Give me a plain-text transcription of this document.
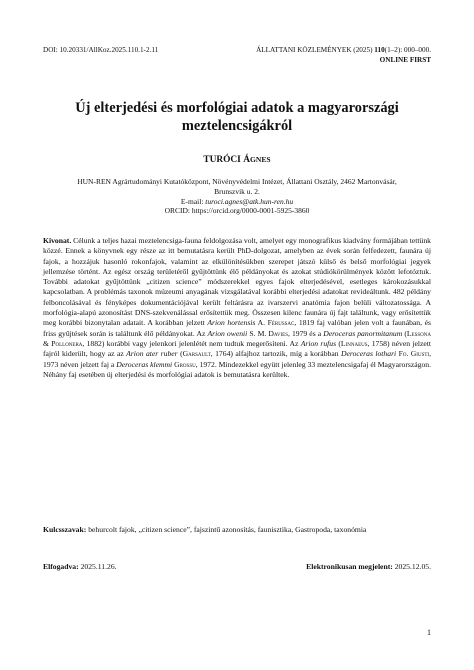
DOI: 10.20331/AllKoz.2025.110.1-2.11	ÁLLATTANI KÖZLEMÉNYEK (2025) 110(1–2): 000–000.
ONLINE FIRST
Új elterjedési és morfológiai adatok a magyarországi
meztelencsigákról
TURÓCI ÁGNES
HUN-REN Agrártudományi Kutatóközpont, Növényvédelmi Intézet, Állattani Osztály, 2462 Martonvásár,
Brunszvik u. 2.
E-mail: turoci.agnes@atk.hun-ren.hu
ORCID: https://orcid.org/0000-0001-5925-3860

Kivonat. Célunk a teljes hazai meztelencsiga-fauna feldolgozása volt, amelyet egy monografikus kiadvány formájában tettünk közzé. Ennek a könyvnek egy része az itt bemutatásra került PhD-dolgozat, amelyben az évek során felfedezett, faunára új fajok, a hozzájuk hasonló rokonfajok, valamint az elkülönítésükben szerepet játszó külső és belső morfológiai jegyek jellemzése történt. Az egész ország területéről gyűjtöttünk élő példányokat és azokat stúdiókörülmények között lefotóztuk. További adatokat gyűjtöttünk „citizen science” módszerekkel egyes fajok elterjedésével, esetleges károkozásukkal kapcsolatban. A problémás taxonok múzeumi anyagának vizsgálatával korábbi elterjedési adatokat revideáltunk. 482 példány felboncolásával és fényképes dokumentációjával került feltárásra az ivarszervi anatómia fajon belüli változatossága. A morfológia-alapú azonosítást DNS-szekvenálással erősítettük meg. Összesen kilenc faunára új fajt találtunk, vagy erősítettük meg korábbi bizonytalan adatait. A korábban jelzett Arion hortensis A. Férussac, 1819 faj valóban jelen volt a faunában, és friss gyűjtések során is találtunk élő példányokat. Az Arion owenii S. M. Davies, 1979 és a Deroceras panormitanum (Lessona & Pollonera, 1882) korábbi vagy jelenkori jelenlétét nem tudtuk megerősíteni. Az Arion rufus (Linnaeus, 1758) néven jelzett fajról kiderült, hogy az az Arion ater ruber (Garsault, 1764) alfajhoz tartozik, míg a korábban Deroceras lothari Fo. Giusti, 1973 néven jelzett faj a Deroceras klemmi Grossu, 1972. Mindezekkel együtt jelenleg 33 meztelencsigafaj él Magyarországon. Néhány faj esetében új elterjedési és morfológiai adatok is bemutatásra kerültek.

Kulcsszavak: behurcolt fajok, „citizen science”, fajszintű azonosítás, faunisztika, Gastropoda, taxonómia

Elfogadva: 2025.11.26.	Elektronikusan megjelent: 2025.12.05.
1
